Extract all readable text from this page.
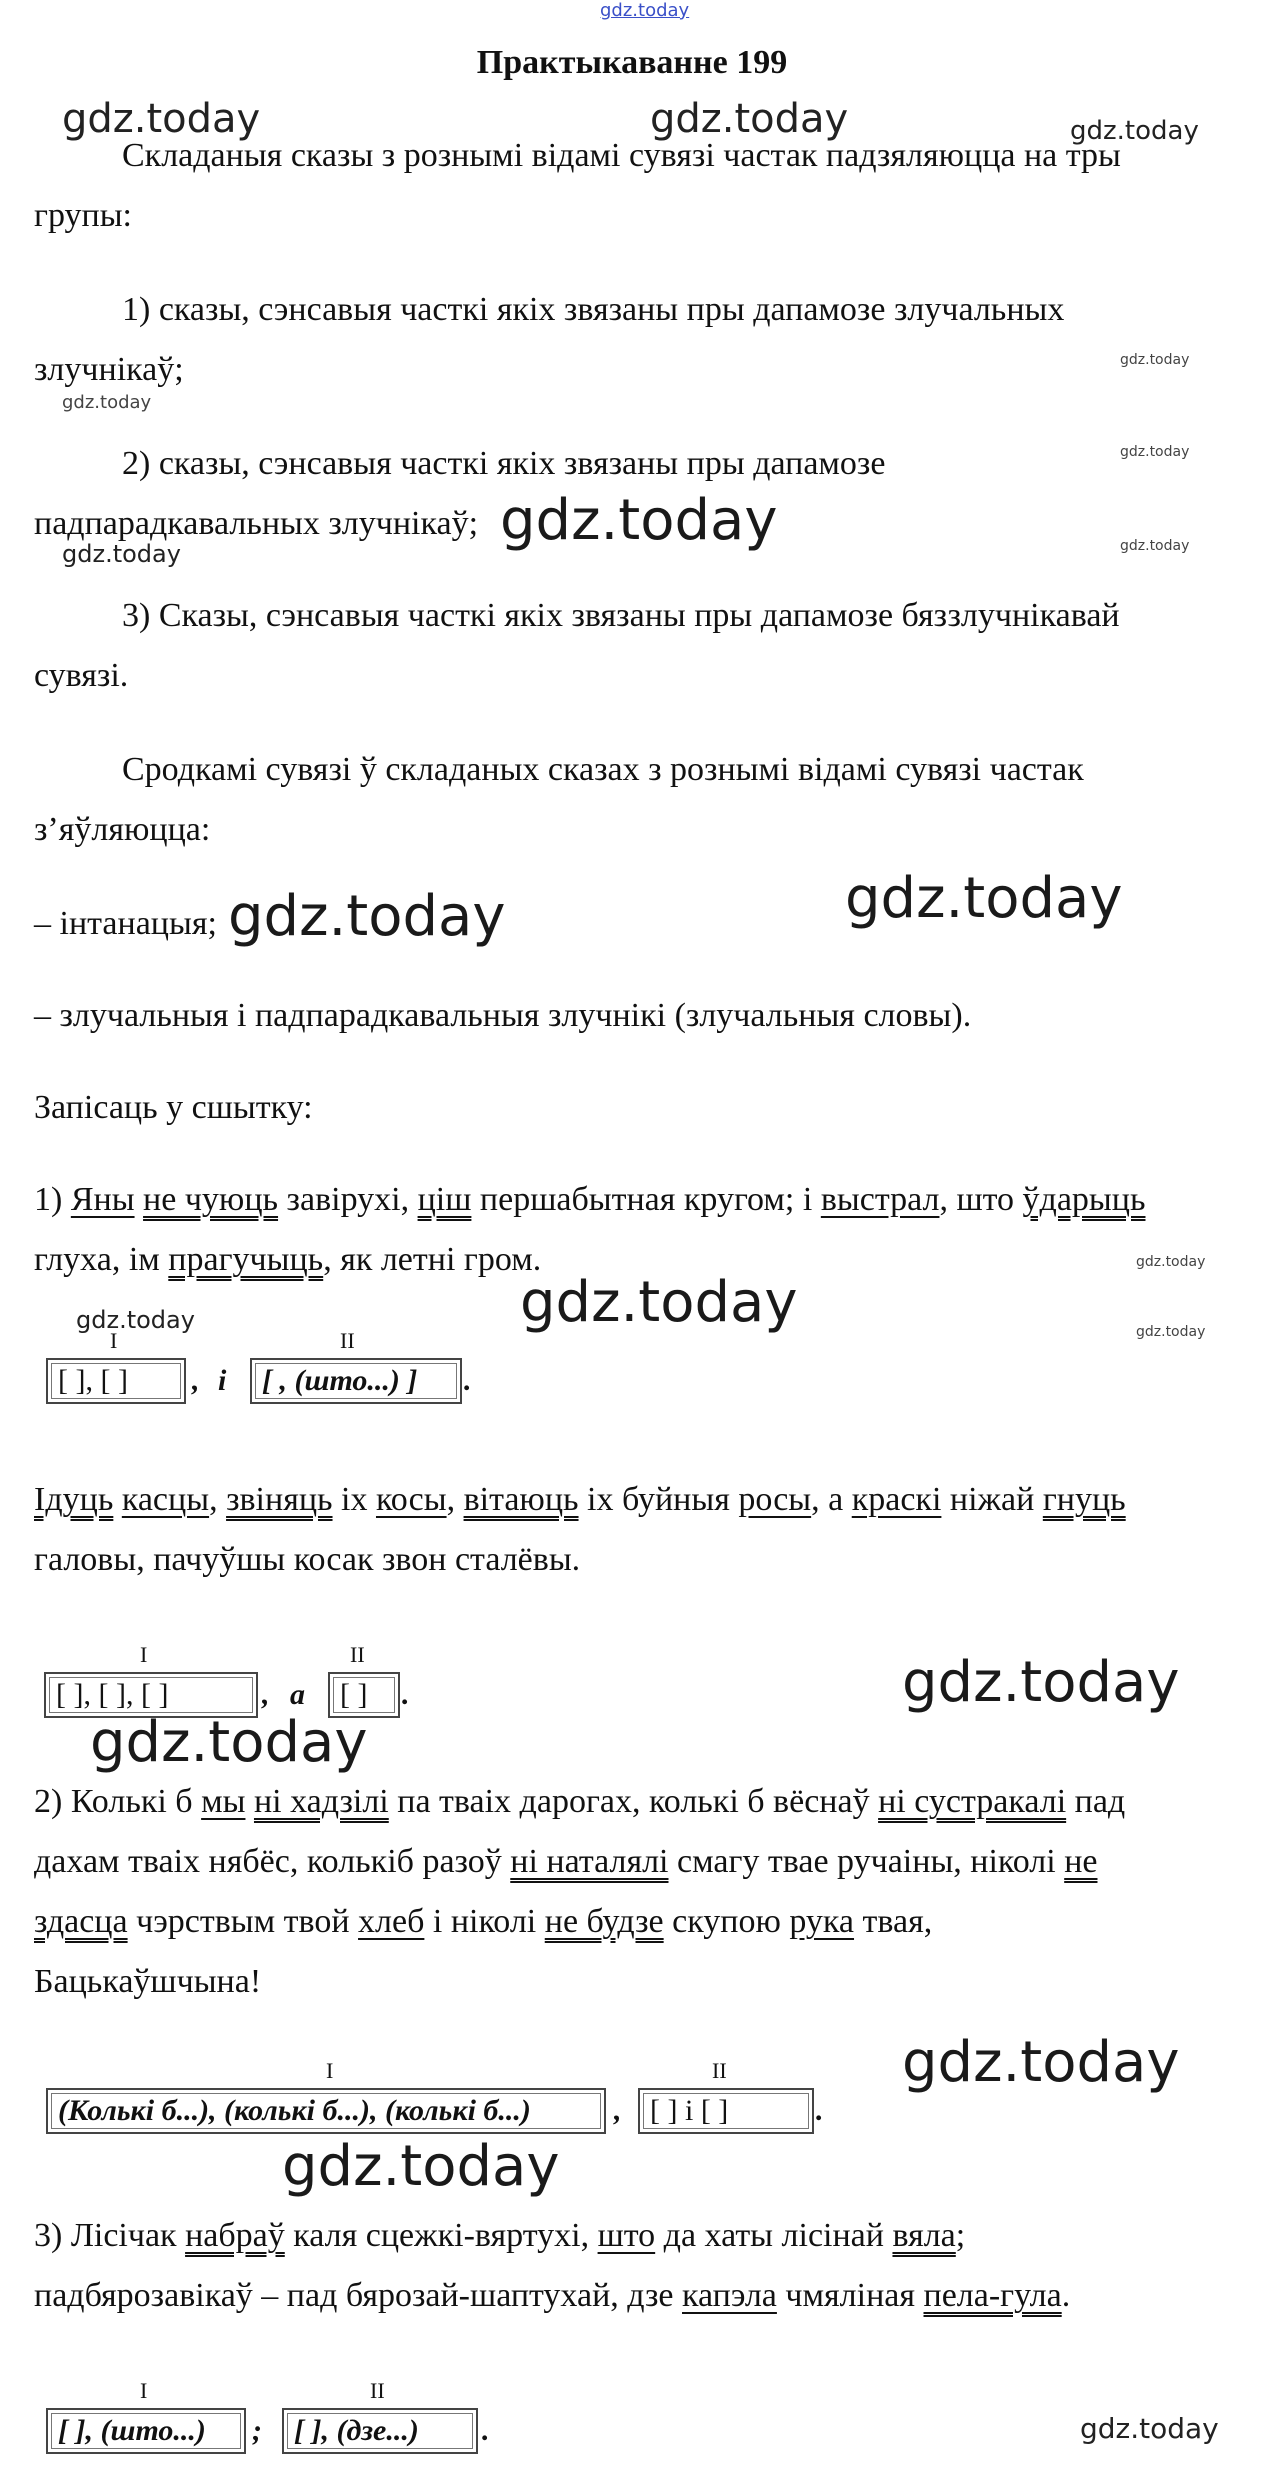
gdz.today
gdz.today	gdz.today	gdz.today
gdz.today
gdz.today
gdz.today
gdz.today	gdz.today
gdz.today
gdz.today	gdz.today
gdz.today
gdz.today
gdz.today	gdz.today
gdz.today
gdz.today
gdz.today
gdz.today
gdz.today
Практыкаванне 199
Складаныя сказы з рознымі відамі сувязі частак падзяляюцца на тры
групы:
1) сказы, сэнсавыя часткі якіх звязаны пры дапамозе злучальных
злучнікаў;
2) сказы, сэнсавыя часткі якіх звязаны пры дапамозе
падпарадкавальных злучнікаў;
3) Сказы, сэнсавыя часткі якіх звязаны пры дапамозе бяззлучнікавай
сувязі.
Сродкамі сувязі ў складаных сказах з рознымі відамі сувязі частак
з’яўляюцца:
– інтанацыя;
– злучальныя і падпарадкавальныя злучнікі (злучальныя словы).
Запісаць у сшытку:
1) Яны не чуюць завірухі, ціш першабытная кругом; і выстрал, што ўдарыць
глуха, ім прагучыць, як летні гром.
I	II
[ ], [ ] , і [ , (што...) ] .
Ідуць касцы, звіняць іх косы, вітаюць іх буйныя росы, а краскі ніжай гнуць
галовы, пачуўшы косак звон сталёвы.
I	II
[ ], [ ], [ ]	, а [ ] .
2) Колькі б мы ні хадзілі па тваіх дарогах, колькі б вёснаў ні сустракалі пад
дахам тваіх нябёс, колькіб разоў ні наталялі смагу твае ручаіны, ніколі не
здасца чэрствым твой хлеб і ніколі не будзе скупою рука твая,
Бацькаўшчына!
I	II
(Колькі б...), (колькі б...), (колькі б...)	, [ ] і [ ]	.
3) Лісічак набраў каля сцежкі-вяртухі, што да хаты лісінай вяла;
падбярозавікаў – пад бярозай-шаптухай, дзе капэла чмяліная пела-гула.
I	II
[ ], (што...) ; [ ], (дзе...) .
